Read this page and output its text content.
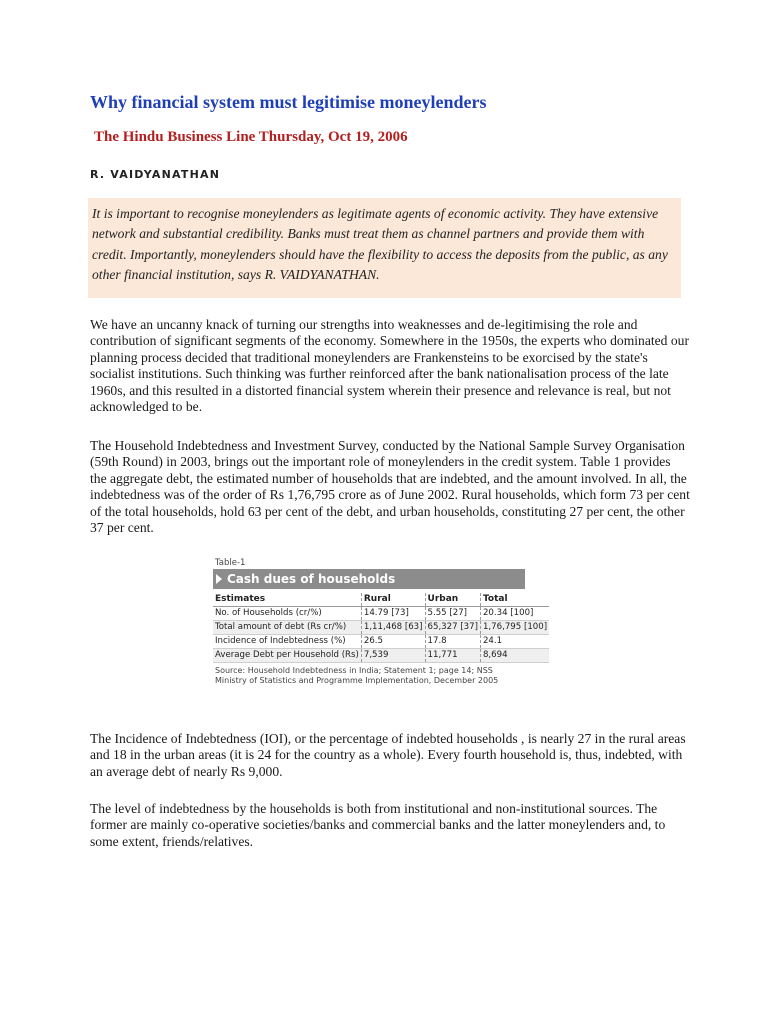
Why financial system must legitimise moneylenders
The Hindu Business Line Thursday, Oct 19, 2006
R. VAIDYANATHAN
It is important to recognise moneylenders as legitimate agents of economic activity. They have extensive network and substantial credibility. Banks must treat them as channel partners and provide them with credit. Importantly, moneylenders should have the flexibility to access the deposits from the public, as any other financial institution, says R. VAIDYANATHAN.

We have an uncanny knack of turning our strengths into weaknesses and de-legitimising the role and contribution of significant segments of the economy. Somewhere in the 1950s, the experts who dominated our planning process decided that traditional moneylenders are Frankensteins to be exorcised by the state's socialist institutions. Such thinking was further reinforced after the bank nationalisation process of the late 1960s, and this resulted in a distorted financial system wherein their presence and relevance is real, but not acknowledged to be.

The Household Indebtedness and Investment Survey, conducted by the National Sample Survey Organisation (59th Round) in 2003, brings out the important role of moneylenders in the credit system. Table 1 provides the aggregate debt, the estimated number of households that are indebted, and the amount involved. In all, the indebtedness was of the order of Rs 1,76,795 crore as of June 2002. Rural households, which form 73 per cent of the total households, hold 63 per cent of the debt, and urban households, constituting 27 per cent, the other 37 per cent.

Table-1
Cash dues of households
Estimates	Rural	Urban	Total
No. of Households (cr/%)	14.79 [73]	5.55 [27]	20.34 [100]
Total amount of debt (Rs cr/%)	1,11,468 [63]	65,327 [37]	1,76,795 [100]
Incidence of Indebtedness (%)	26.5	17.8	24.1
Average Debt per Household (Rs)	7,539	11,771	8,694
Source: Household Indebtedness in India; Statement 1; page 14; NSS Ministry of Statistics and Programme Implementation, December 2005

The Incidence of Indebtedness (IOI), or the percentage of indebted households , is nearly 27 in the rural areas and 18 in the urban areas (it is 24 for the country as a whole). Every fourth household is, thus, indebted, with an average debt of nearly Rs 9,000.

The level of indebtedness by the households is both from institutional and non-institutional sources. The former are mainly co-operative societies/banks and commercial banks and the latter moneylenders and, to some extent, friends/relatives.
